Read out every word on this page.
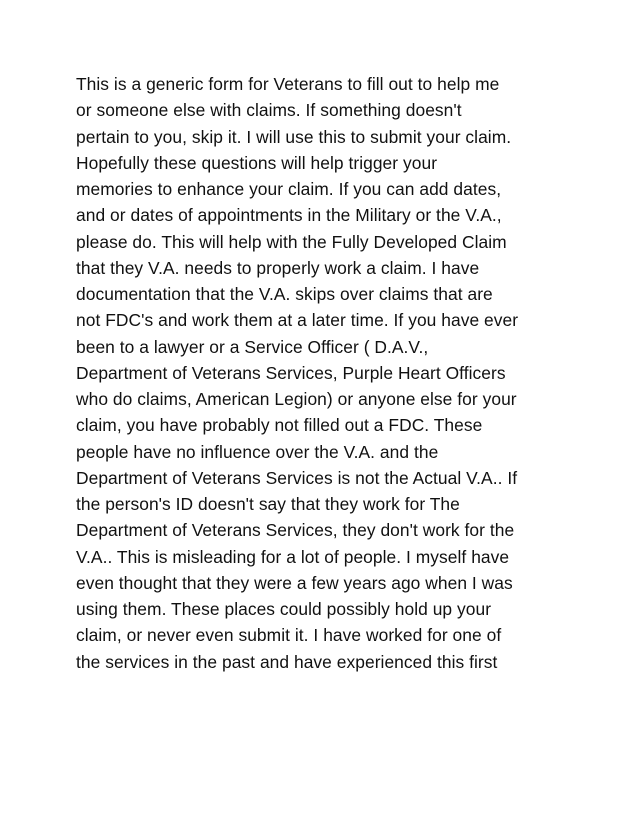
This is a generic form for Veterans to fill out to help me
or someone else with claims. If something doesn't
pertain to you, skip it. I will use this to submit your claim.
Hopefully these questions will help trigger your
memories to enhance your claim. If you can add dates,
and or dates of appointments in the Military or the V.A.,
please do. This will help with the Fully Developed Claim
that they V.A. needs to properly work a claim. I have
documentation that the V.A. skips over claims that are
not FDC's and work them at a later time. If you have ever
been to a lawyer or a Service Officer ( D.A.V.,
Department of Veterans Services, Purple Heart Officers
who do claims, American Legion) or anyone else for your
claim, you have probably not filled out a FDC. These
people have no influence over the V.A. and the
Department of Veterans Services is not the Actual V.A.. If
the person's ID doesn't say that they work for The
Department of Veterans Services, they don't work for the
V.A.. This is misleading for a lot of people. I myself have
even thought that they were a few years ago when I was
using them. These places could possibly hold up your
claim, or never even submit it. I have worked for one of
the services in the past and have experienced this first
